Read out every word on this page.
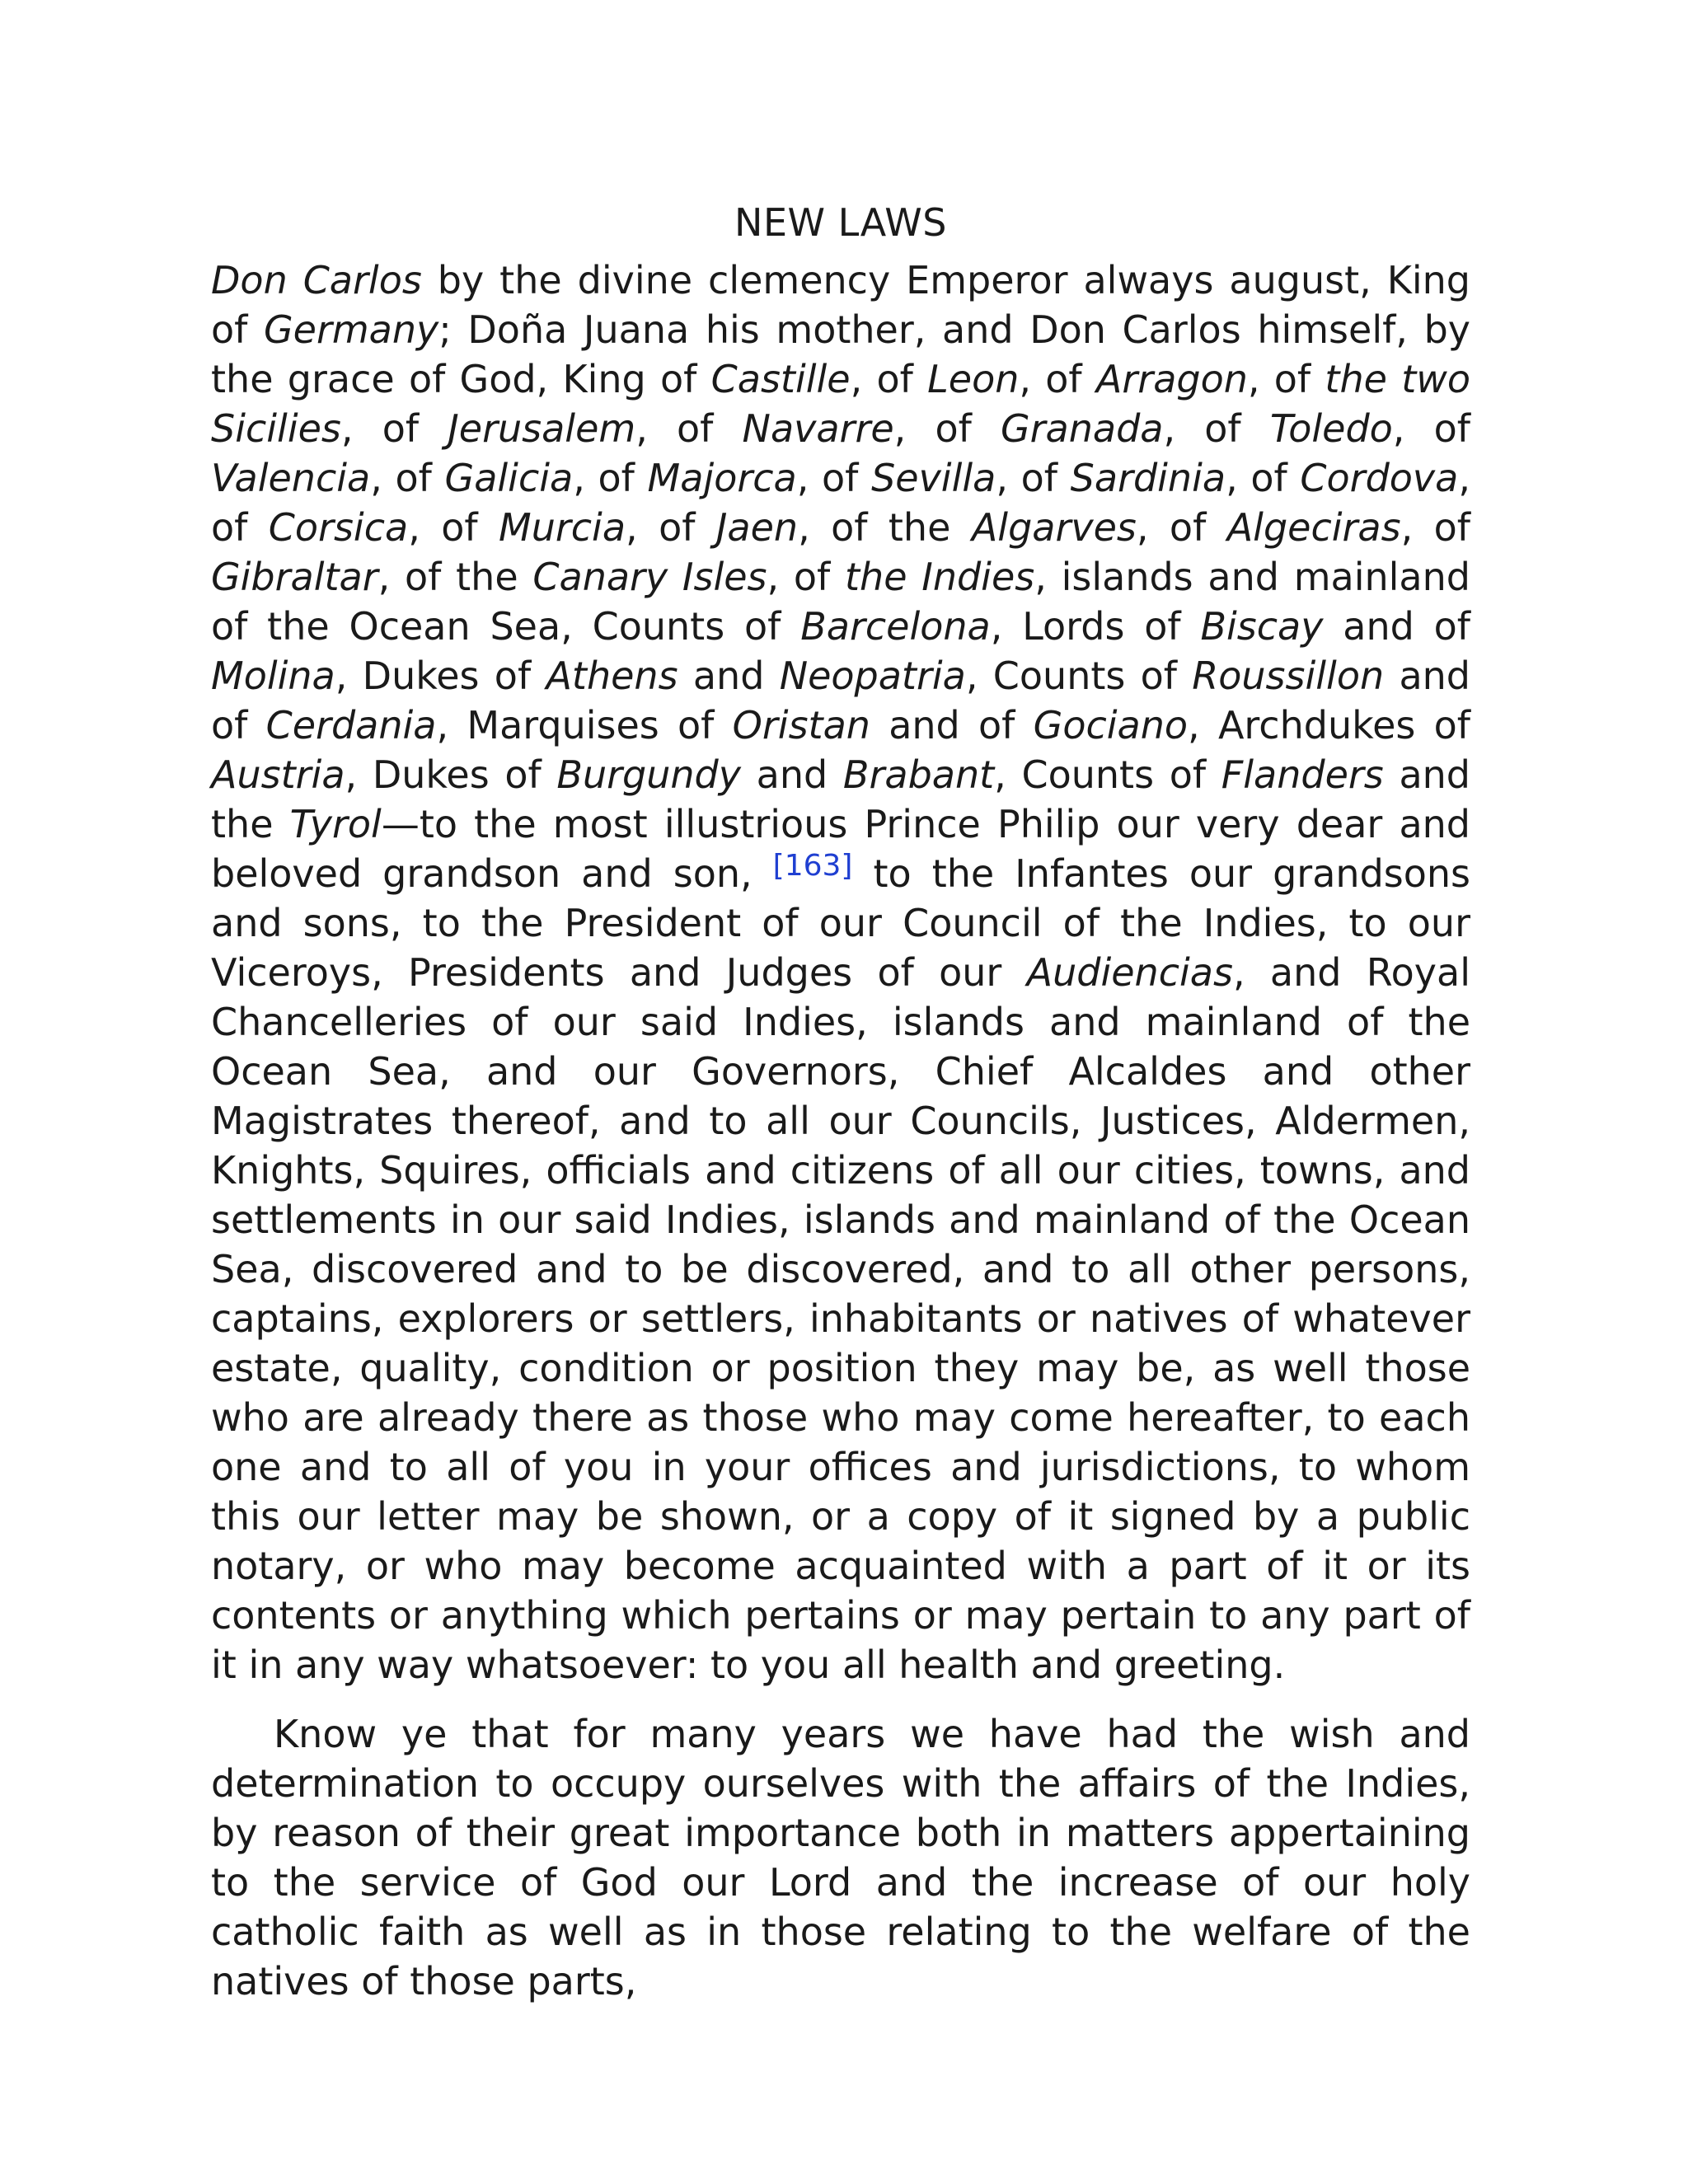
NEW LAWS

Don Carlos by the divine clemency Emperor always august, King of Germany; Doña Juana his mother, and Don Carlos himself, by the grace of God, King of Castille, of Leon, of Arragon, of the two Sicilies, of Jerusalem, of Navarre, of Granada, of Toledo, of Valencia, of Galicia, of Majorca, of Sevilla, of Sardinia, of Cordova, of Corsica, of Murcia, of Jaen, of the Algarves, of Algeciras, of Gibraltar, of the Canary Isles, of the Indies, islands and mainland of the Ocean Sea, Counts of Barcelona, Lords of Biscay and of Molina, Dukes of Athens and Neopatria, Counts of Roussillon and of Cerdania, Marquises of Oristan and of Gociano, Archdukes of Austria, Dukes of Burgundy and Brabant, Counts of Flanders and the Tyrol—to the most illustrious Prince Philip our very dear and beloved grandson and son, [163] to the Infantes our grandsons and sons, to the President of our Council of the Indies, to our Viceroys, Presidents and Judges of our Audiencias, and Royal Chancelleries of our said Indies, islands and mainland of the Ocean Sea, and our Governors, Chief Alcaldes and other Magistrates thereof, and to all our Councils, Justices, Aldermen, Knights, Squires, officials and citizens of all our cities, towns, and settlements in our said Indies, islands and mainland of the Ocean Sea, discovered and to be discovered, and to all other persons, captains, explorers or settlers, inhabitants or natives of whatever estate, quality, condition or position they may be, as well those who are already there as those who may come hereafter, to each one and to all of you in your offices and jurisdictions, to whom this our letter may be shown, or a copy of it signed by a public notary, or who may become acquainted with a part of it or its contents or anything which pertains or may pertain to any part of it in any way whatsoever: to you all health and greeting.

Know ye that for many years we have had the wish and determination to occupy ourselves with the affairs of the Indies, by reason of their great importance both in matters appertaining to the service of God our Lord and the increase of our holy catholic faith as well as in those relating to the welfare of the natives of those parts,
